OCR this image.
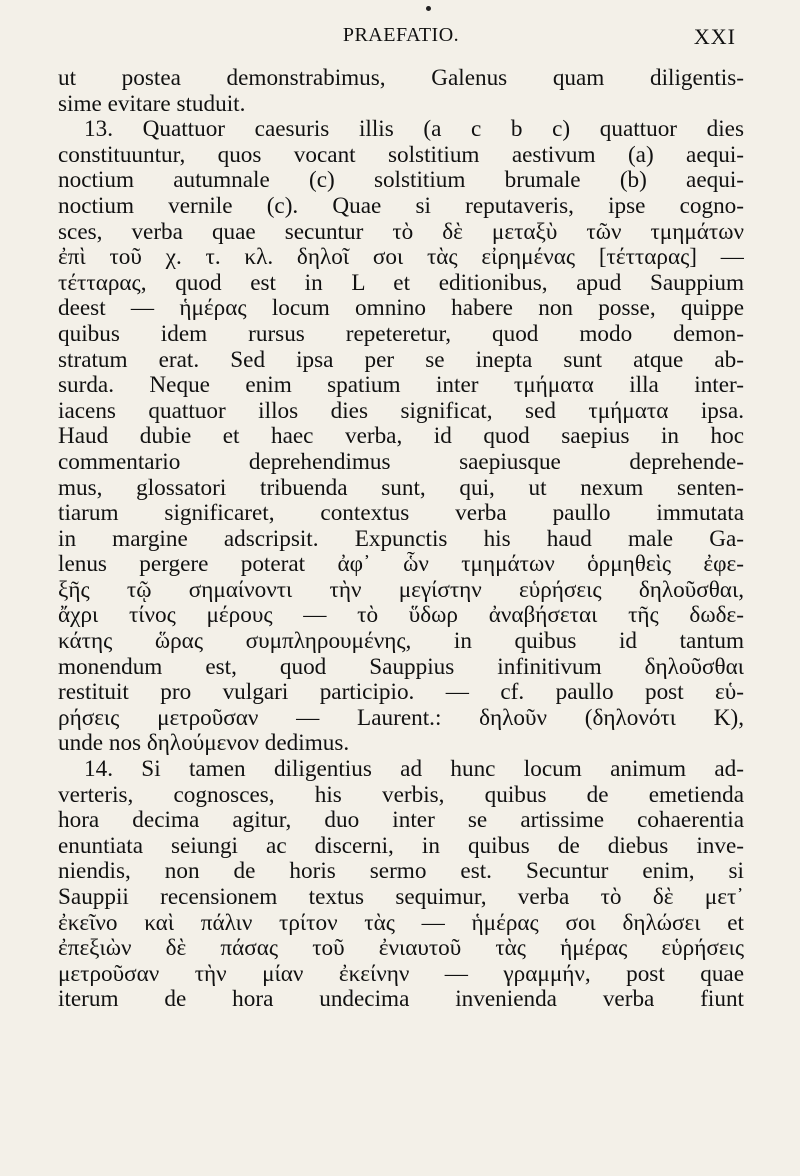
PRAEFATIO.	XXI
ut postea demonstrabimus, Galenus quam diligentis-
sime evitare studuit.
13. Quattuor caesuris illis (a c b c) quattuor dies
constituuntur, quos vocant solstitium aestivum (a) aequi-
noctium autumnale (c) solstitium brumale (b) aequi-
noctium vernile (c). Quae si reputaveris, ipse cogno-
sces, verba quae secuntur τὸ δὲ μεταξὺ τῶν τμημάτων
ἐπὶ τοῦ χ. τ. κλ. δηλοῖ σοι τὰς εἰρημένας [τέτταρας] —
τέτταρας, quod est in L et editionibus, apud Sauppium
deest — ἡμέρας locum omnino habere non posse, quippe
quibus idem rursus repeteretur, quod modo demon-
stratum erat. Sed ipsa per se inepta sunt atque ab-
surda. Neque enim spatium inter τμήματα illa inter-
iacens quattuor illos dies significat, sed τμήματα ipsa.
Haud dubie et haec verba, id quod saepius in hoc
commentario deprehendimus saepiusque deprehende-
mus, glossatori tribuenda sunt, qui, ut nexum senten-
tiarum significaret, contextus verba paullo immutata
in margine adscripsit. Expunctis his haud male Ga-
lenus pergere poterat ἀφ᾽ ὧν τμημάτων ὁρμηθεὶς ἐφε-
ξῆς τῷ σημαίνοντι τὴν μεγίστην εὑρήσεις δηλοῦσθαι,
ἄχρι τίνος μέρους — τὸ ὕδωρ ἀναβήσεται τῆς δωδε-
κάτης ὥρας συμπληρουμένης, in quibus id tantum
monendum est, quod Sauppius infinitivum δηλοῦσθαι
restituit pro vulgari participio. — cf. paullo post εὑ-
ρήσεις μετροῦσαν — Laurent.: δηλοῦν (δηλονότι K),
unde nos δηλούμενον dedimus.
14. Si tamen diligentius ad hunc locum animum ad-
verteris, cognosces, his verbis, quibus de emetienda
hora decima agitur, duo inter se artissime cohaerentia
enuntiata seiungi ac discerni, in quibus de diebus inve-
niendis, non de horis sermo est. Secuntur enim, si
Sauppii recensionem textus sequimur, verba τὸ δὲ μετ᾽
ἐκεῖνο καὶ πάλιν τρίτον τὰς — ἡμέρας σοι δηλώσει et
ἐπεξιὼν δὲ πάσας τοῦ ἐνιαυτοῦ τὰς ἡμέρας εὑρήσεις
μετροῦσαν τὴν μίαν ἐκείνην — γραμμήν, post quae
iterum de hora undecima invenienda verba fiunt
